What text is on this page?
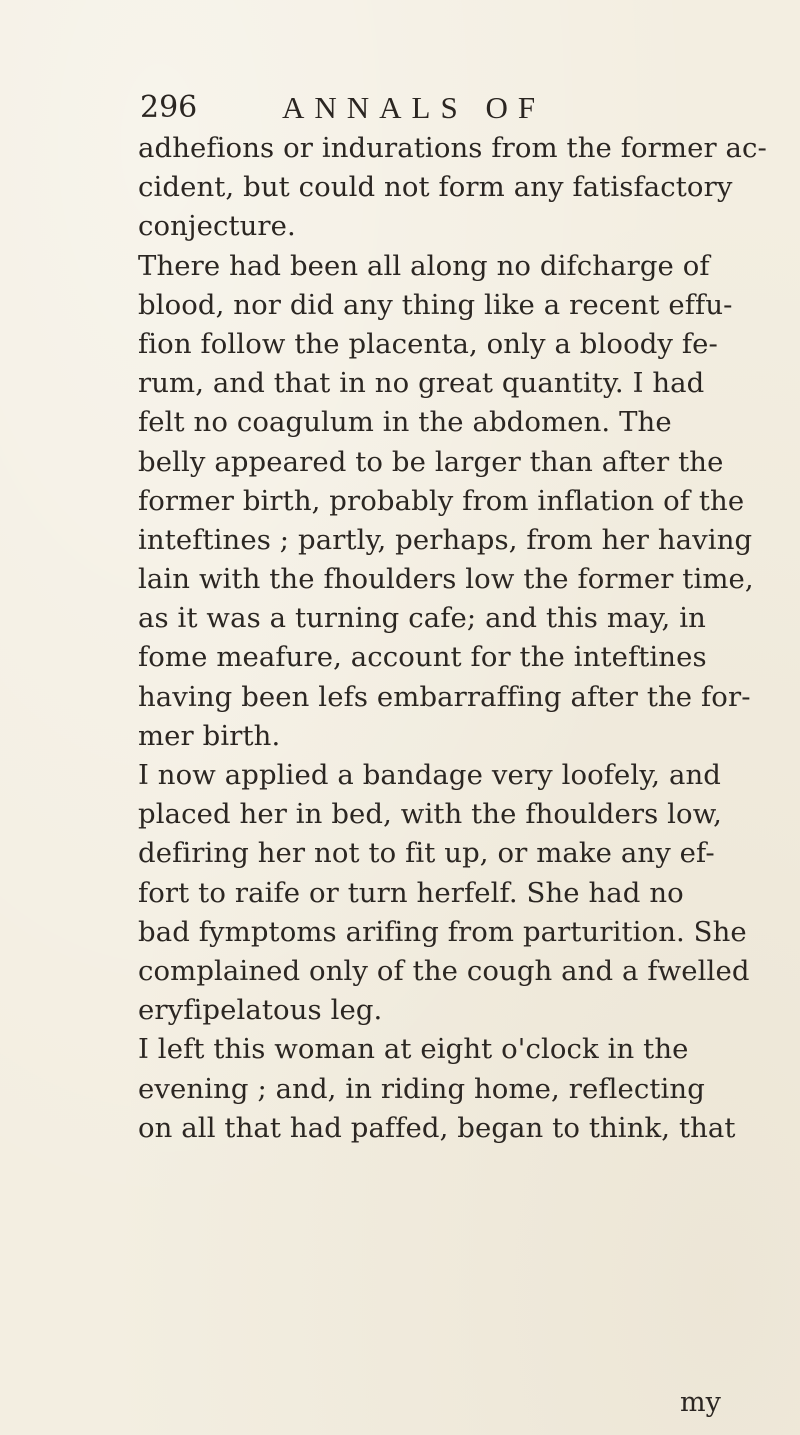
296	ANNALS OF
adhefions or indurations from the former ac-
cident, but could not form any fatisfactory
conjecture.
There had been all along no difcharge of
blood, nor did any thing like a recent effu-
fion follow the placenta, only a bloody fe-
rum, and that in no great quantity. I had
felt no coagulum in the abdomen. The
belly appeared to be larger than after the
former birth, probably from inflation of the
inteftines ; partly, perhaps, from her having
lain with the fhoulders low the former time,
as it was a turning cafe; and this may, in
fome meafure, account for the inteftines
having been lefs embarraffing after the for-
mer birth.
I now applied a bandage very loofely, and
placed her in bed, with the fhoulders low,
defiring her not to fit up, or make any ef-
fort to raife or turn herfelf. She had no
bad fymptoms arifing from parturition. She
complained only of the cough and a fwelled
eryfipelatous leg.
I left this woman at eight o'clock in the
evening ; and, in riding home, reflecting
on all that had paffed, began to think, that
my
